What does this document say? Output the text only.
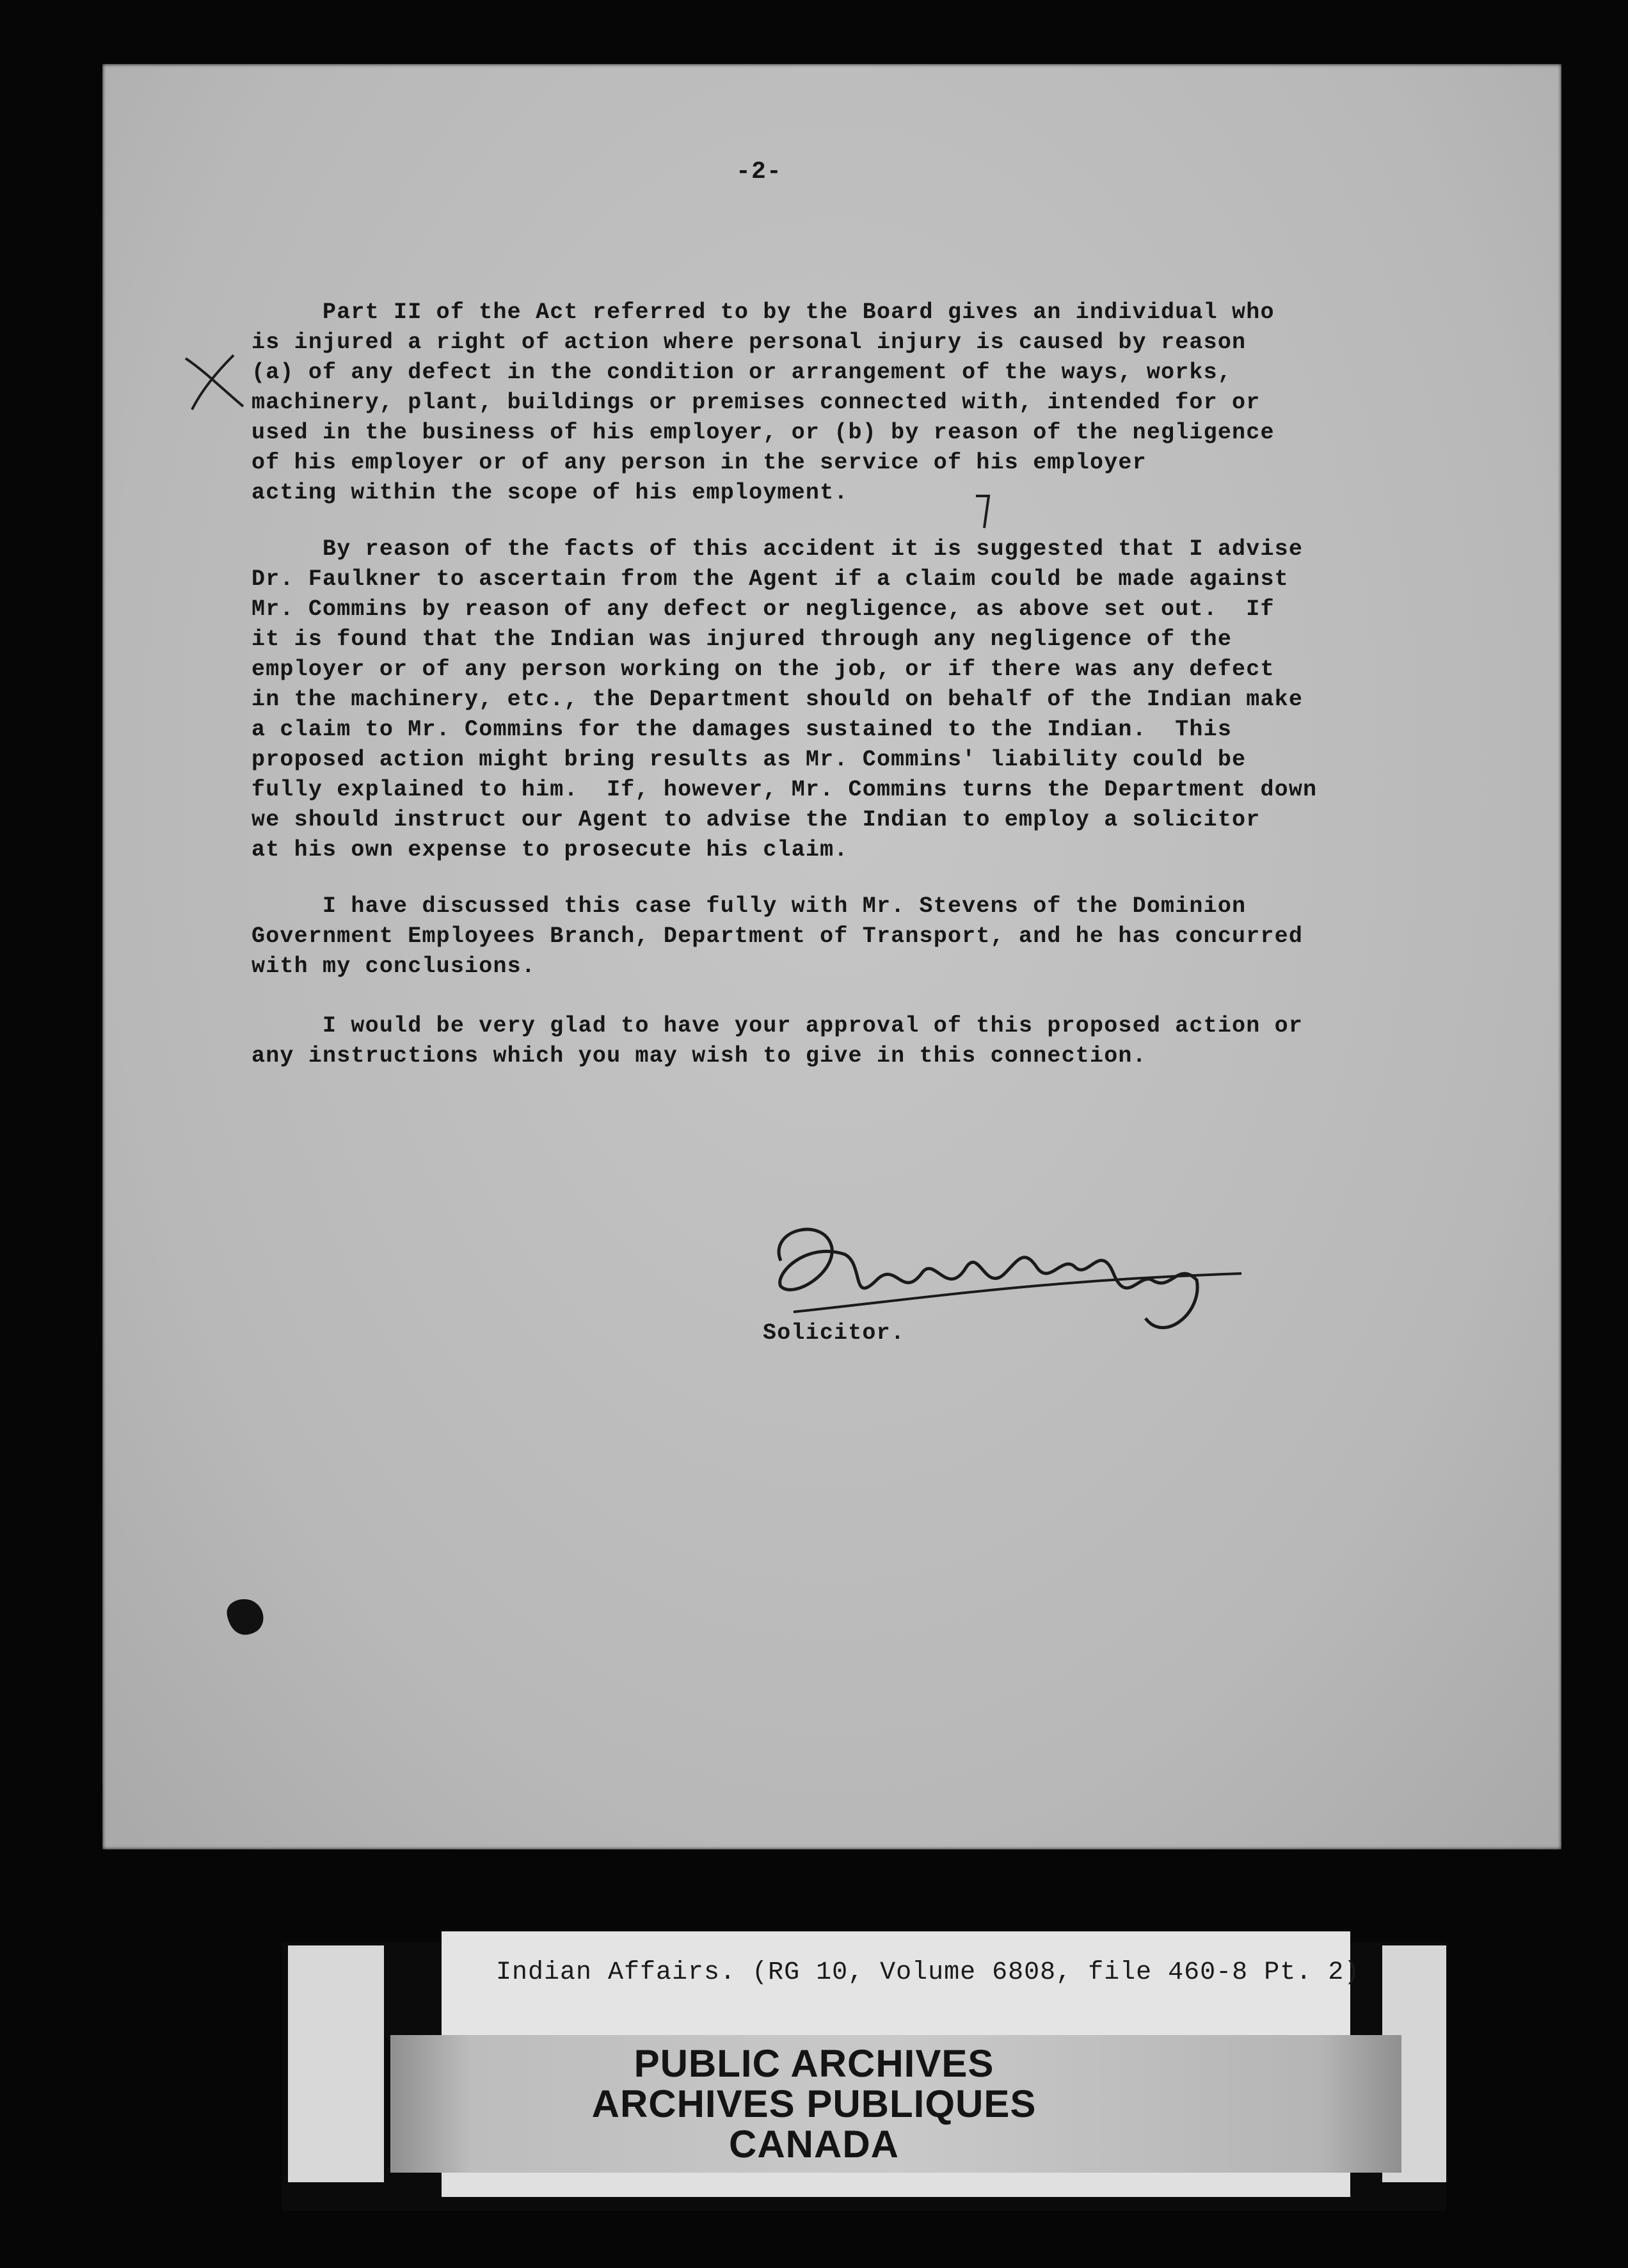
-2-

Part II of the Act referred to by the Board gives an individual who
is injured a right of action where personal injury is caused by reason
(a) of any defect in the condition or arrangement of the ways, works,
machinery, plant, buildings or premises connected with, intended for or
used in the business of his employer, or (b) by reason of the negligence
of his employer or of any person in the service of his employer
acting within the scope of his employment.

By reason of the facts of this accident it is suggested that I advise
Dr. Faulkner to ascertain from the Agent if a claim could be made against
Mr. Commins by reason of any defect or negligence, as above set out.  If
it is found that the Indian was injured through any negligence of the
employer or of any person working on the job, or if there was any defect
in the machinery, etc., the Department should on behalf of the Indian make
a claim to Mr. Commins for the damages sustained to the Indian.  This
proposed action might bring results as Mr. Commins' liability could be
fully explained to him.  If, however, Mr. Commins turns the Department down
we should instruct our Agent to advise the Indian to employ a solicitor
at his own expense to prosecute his claim.

I have discussed this case fully with Mr. Stevens of the Dominion
Government Employees Branch, Department of Transport, and he has concurred
with my conclusions.

I would be very glad to have your approval of this proposed action or
any instructions which you may wish to give in this connection.

Solicitor.
Indian Affairs. (RG 10, Volume 6808, file 460-8 Pt. 2)
PUBLIC ARCHIVES
ARCHIVES PUBLIQUES
CANADA
